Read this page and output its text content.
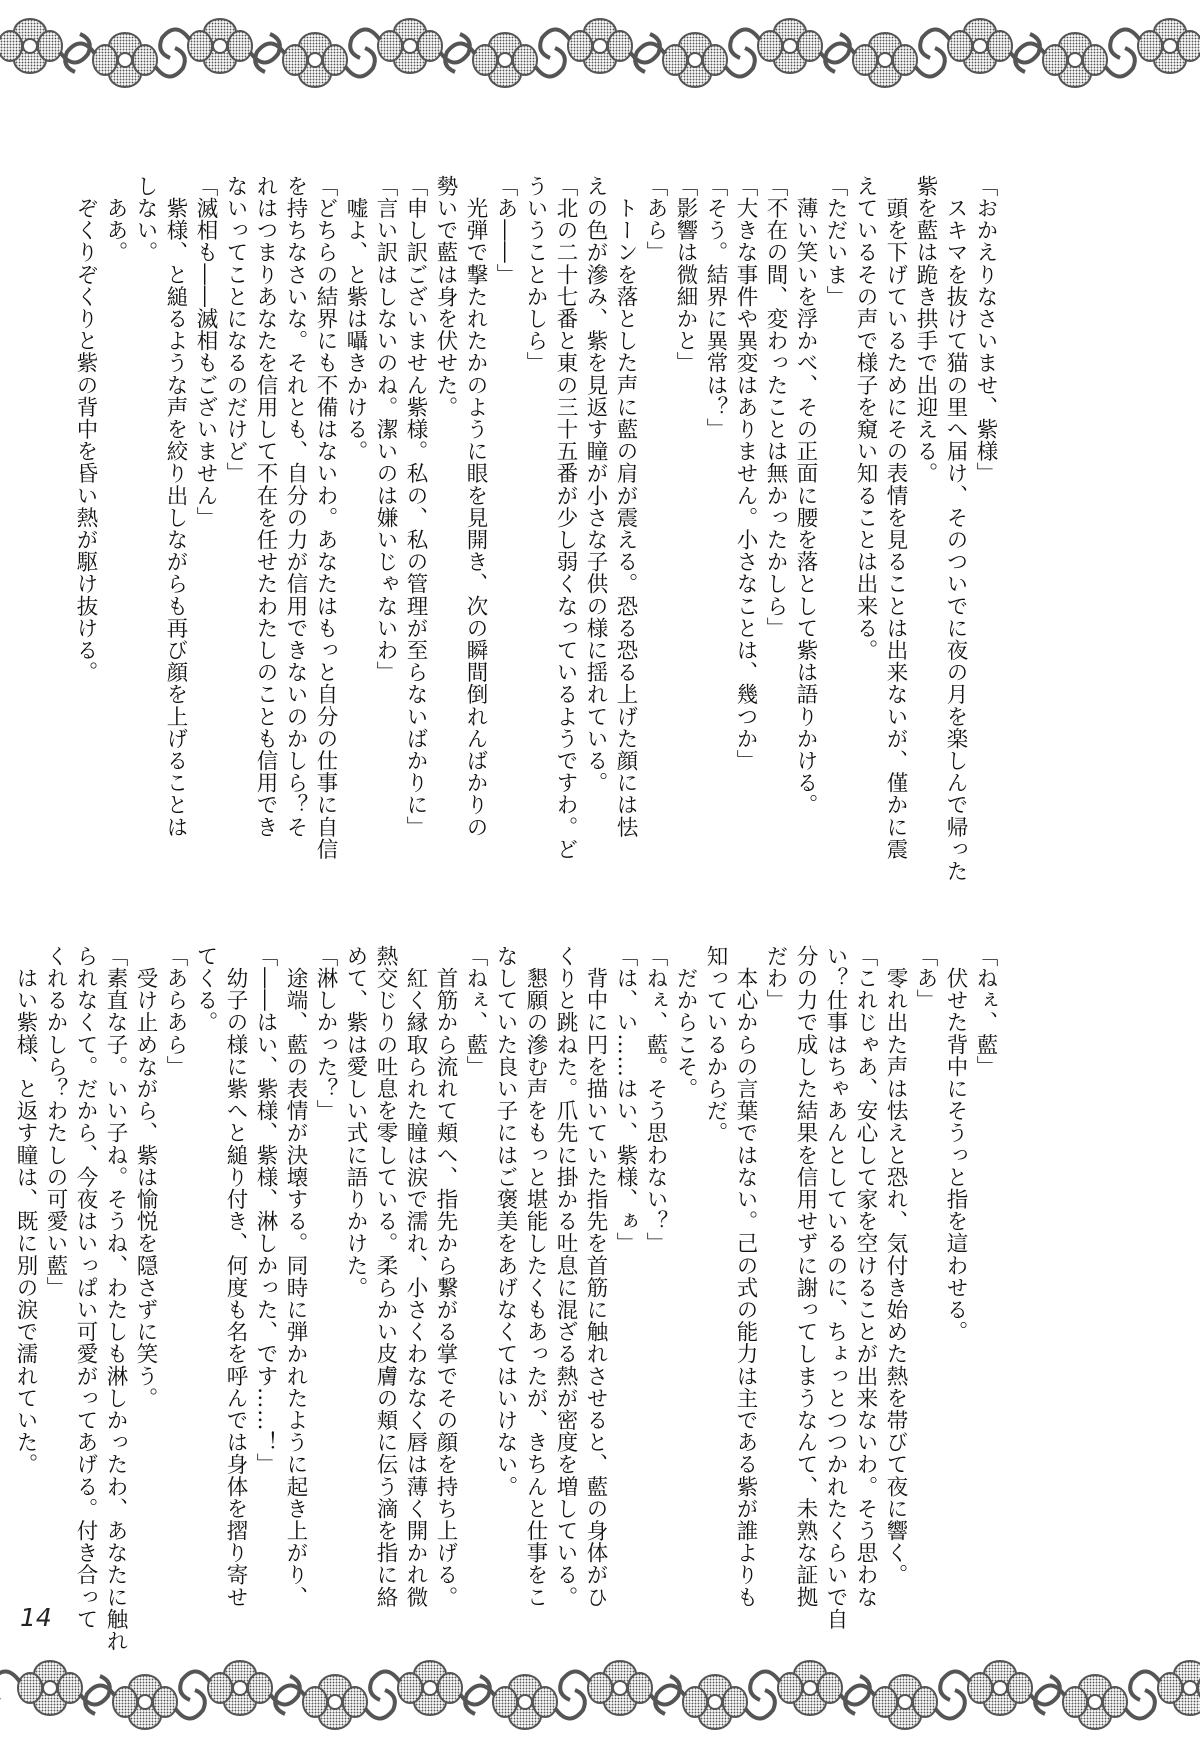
「おかえりなさいませ、紫様」
　スキマを抜けて猫の里へ届け、そのついでに夜の月を楽しんで帰った
紫を藍は跪き拱手で出迎える。
　頭を下げているためにその表情を見ることは出来ないが、僅かに震
えているその声で様子を窺い知ることは出来る。
「ただいま」
　薄い笑いを浮かべ、その正面に腰を落として紫は語りかける。
「不在の間、変わったことは無かったかしら」
「大きな事件や異変はありません。小さなことは、幾つか」
「そう。結界に異常は？」
「影響は微細かと」
「あら」
　トーンを落とした声に藍の肩が震える。恐る恐る上げた顔には怯
えの色が滲み、紫を見返す瞳が小さな子供の様に揺れている。
「北の二十七番と東の三十五番が少し弱くなっているようですわ。ど
ういうことかしら」
「あ――」
　光弾で撃たれたかのように眼を見開き、次の瞬間倒れんばかりの
勢いで藍は身を伏せた。
「申し訳ございません紫様。私の、私の管理が至らないばかりに」
「言い訳はしないのね。潔いのは嫌いじゃないわ」
　嘘よ、と紫は囁きかける。
「どちらの結界にも不備はないわ。あなたはもっと自分の仕事に自信
を持ちなさいな。それとも、自分の力が信用できないのかしら？そ
れはつまりあなたを信用して不在を任せたわたしのことも信用でき
ないってことになるのだけど」
「滅相も――滅相もございません」
　紫様、と縋るような声を絞り出しながらも再び顔を上げることは
しない。
　ああ。
　ぞくりぞくりと紫の背中を昏い熱が駆け抜ける。
「ねぇ、藍」
　伏せた背中にそうっと指を這わせる。
「あ」
　零れ出た声は怯えと恐れ、気付き始めた熱を帯びて夜に響く。
「これじゃあ、安心して家を空けることが出来ないわ。そう思わな
い？仕事はちゃあんとしているのに、ちょっとつつかれたくらいで自
分の力で成した結果を信用せずに謝ってしまうなんて、未熟な証拠
だわ」
　本心からの言葉ではない。己の式の能力は主である紫が誰よりも
知っているからだ。
　だからこそ。
「ねぇ、藍。そう思わない？」
「は、い……はい、紫様、ぁ」
　背中に円を描いていた指先を首筋に触れさせると、藍の身体がひ
くりと跳ねた。爪先に掛かる吐息に混ざる熱が密度を増している。
　懇願の滲む声をもっと堪能したくもあったが、きちんと仕事をこ
なしていた良い子にはご褒美をあげなくてはいけない。
「ねぇ、藍」
　首筋から流れて頬へ、指先から繋がる掌でその顔を持ち上げる。
　紅く縁取られた瞳は涙で濡れ、小さくわななく唇は薄く開かれ微
熱交じりの吐息を零している。柔らかい皮膚の頬に伝う滴を指に絡
めて、紫は愛しい式に語りかけた。
「淋しかった？」
　途端、藍の表情が決壊する。同時に弾かれたように起き上がり、
「――はい、紫様、紫様、淋しかった、です……！」
　幼子の様に紫へと縋り付き、何度も名を呼んでは身体を摺り寄せ
てくる。
「あらあら」
　受け止めながら、紫は愉悦を隠さずに笑う。
「素直な子。いい子ね。そうね、わたしも淋しかったわ、あなたに触れ
られなくて。だから、今夜はいっぱい可愛がってあげる。付き合って
くれるかしら？わたしの可愛い藍」
　はい紫様、と返す瞳は、既に別の涙で濡れていた。
14
